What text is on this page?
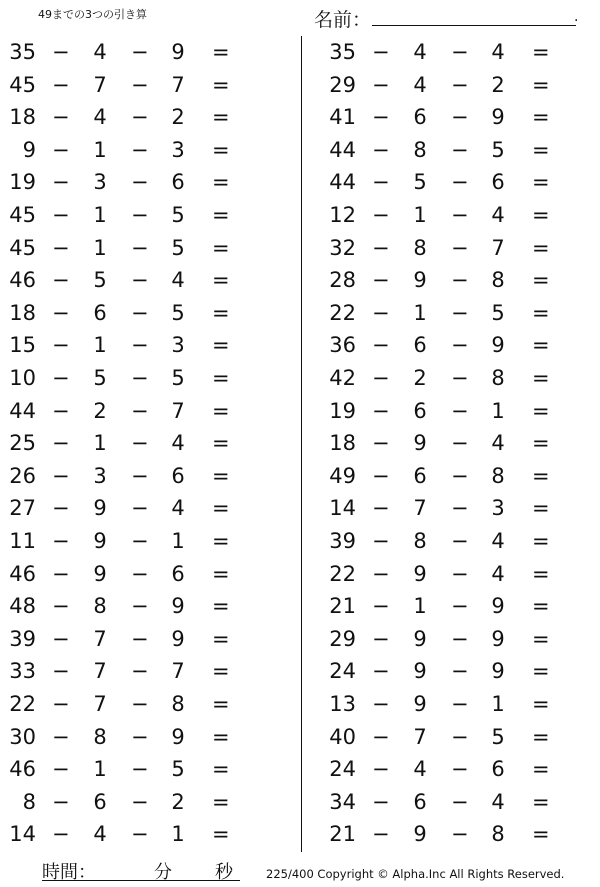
49までの3つの引き算	名前：	.
35 − 4 − 9 =
45 − 7 − 7 =
18 − 4 − 2 =
9 − 1 − 3 =
19 − 3 − 6 =
45 − 1 − 5 =
45 − 1 − 5 =
46 − 5 − 4 =
18 − 6 − 5 =
15 − 1 − 3 =
10 − 5 − 5 =
44 − 2 − 7 =
25 − 1 − 4 =
26 − 3 − 6 =
27 − 9 − 4 =
11 − 9 − 1 =
46 − 9 − 6 =
48 − 8 − 9 =
39 − 7 − 9 =
33 − 7 − 7 =
22 − 7 − 8 =
30 − 8 − 9 =
46 − 1 − 5 =
8 − 6 − 2 =
14 − 4 − 1 =
35 − 4 − 4 =
29 − 4 − 2 =
41 − 6 − 9 =
44 − 8 − 5 =
44 − 5 − 6 =
12 − 1 − 4 =
32 − 8 − 7 =
28 − 9 − 8 =
22 − 1 − 5 =
36 − 6 − 9 =
42 − 2 − 8 =
19 − 6 − 1 =
18 − 9 − 4 =
49 − 6 − 8 =
14 − 7 − 3 =
39 − 8 − 4 =
22 − 9 − 4 =
21 − 1 − 9 =
29 − 9 − 9 =
24 − 9 − 9 =
13 − 9 − 1 =
40 − 7 − 5 =
24 − 4 − 6 =
34 − 6 − 4 =
21 − 9 − 8 =
時間：	分 秒	225/400 Copyright © Alpha.Inc All Rights Reserved.
